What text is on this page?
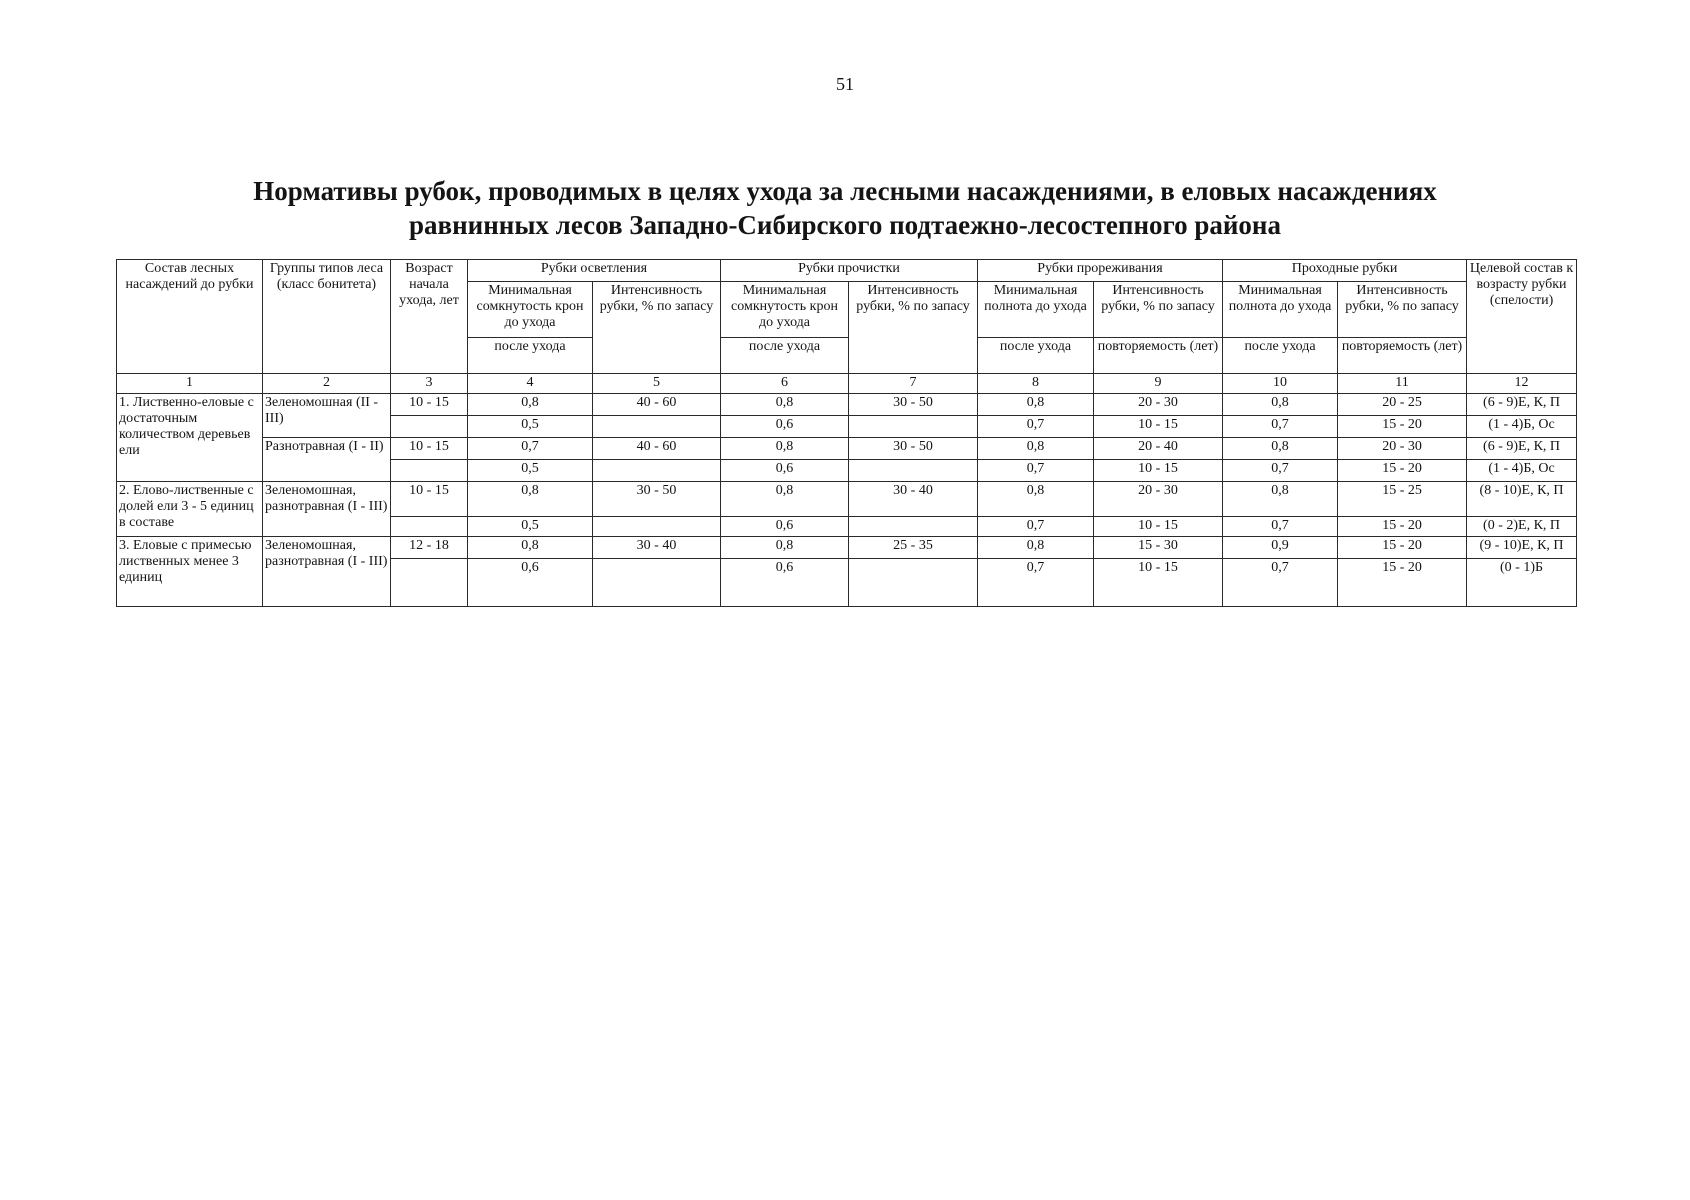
51
Нормативы рубок, проводимых в целях ухода за лесными насаждениями, в еловых насаждениях
равнинных лесов Западно-Сибирского подтаежно-лесостепного района
Состав лесных насаждений до рубки	Группы типов леса (класс бонитета)	Возраст начала ухода, лет	Рубки осветления		Рубки прочистки		Рубки прореживания		Проходные рубки		Целевой состав к возрасту рубки (спелости)
			Минимальная сомкнутость крон до ухода	Интенсивность рубки, % по запасу	Минимальная сомкнутость крон до ухода	Интенсивность рубки, % по запасу	Минимальная полнота до ухода	Интенсивность рубки, % по запасу	Минимальная полнота до ухода	Интенсивность рубки, % по запасу	
			после ухода		после ухода		после ухода	повторяемость (лет)	после ухода	повторяемость (лет)	
1	2	3	4	5	6	7	8	9	10	11	12
1. Лиственно-еловые с достаточным количеством деревьев ели	Зеленомошная (II - III)	10 - 15	0,8	40 - 60	0,8	30 - 50	0,8	20 - 30	0,8	20 - 25	(6 - 9)Е, К, П
			0,5		0,6		0,7	10 - 15	0,7	15 - 20	(1 - 4)Б, Ос
	Разнотравная (I - II)	10 - 15	0,7	40 - 60	0,8	30 - 50	0,8	20 - 40	0,8	20 - 30	(6 - 9)Е, К, П
			0,5		0,6		0,7	10 - 15	0,7	15 - 20	(1 - 4)Б, Ос
2. Елово-лиственные с долей ели 3 - 5 единиц в составе	Зеленомошная, разнотравная (I - III)	10 - 15	0,8	30 - 50	0,8	30 - 40	0,8	20 - 30	0,8	15 - 25	(8 - 10)Е, К, П
			0,5		0,6		0,7	10 - 15	0,7	15 - 20	(0 - 2)Е, К, П
3. Еловые с примесью лиственных менее 3 единиц	Зеленомошная, разнотравная (I - III)	12 - 18	0,8	30 - 40	0,8	25 - 35	0,8	15 - 30	0,9	15 - 20	(9 - 10)Е, К, П
			0,6		0,6		0,7	10 - 15	0,7	15 - 20	(0 - 1)Б
